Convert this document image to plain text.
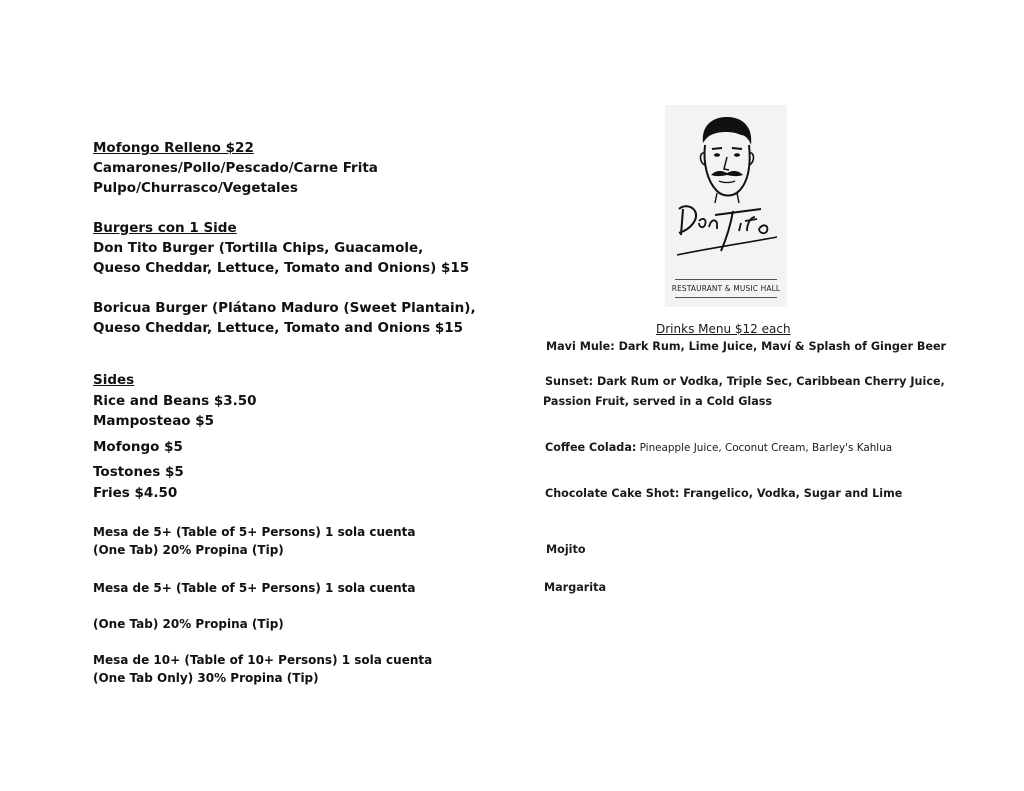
Mofongo Relleno $22

Camarones/Pollo/Pescado/Carne Frita

Pulpo/Churrasco/Vegetales

Burgers con 1 Side

Don Tito Burger (Tortilla Chips, Guacamole,

Queso Cheddar, Lettuce, Tomato and Onions) $15

Boricua Burger (Plátano Maduro (Sweet Plantain),

Queso Cheddar, Lettuce, Tomato and Onions $15

Sides

Rice and Beans $3.50

Mamposteao $5

Mofongo $5

Tostones $5

Fries $4.50

Mesa de 5+ (Table of 5+ Persons) 1 sola cuenta

(One Tab) 20% Propina (Tip)

Mesa de 5+ (Table of 5+ Persons) 1 sola cuenta

(One Tab) 20% Propina (Tip)

Mesa de 10+ (Table of 10+ Persons) 1 sola cuenta

(One Tab Only) 30% Propina (Tip)

RESTAURANT & MUSIC HALL

Drinks Menu $12 each

Mavi Mule: Dark Rum, Lime Juice, Maví & Splash of Ginger Beer

Sunset: Dark Rum or Vodka, Triple Sec, Caribbean Cherry Juice,

Passion Fruit, served in a Cold Glass

Coffee Colada: Pineapple Juice, Coconut Cream, Barley's Kahlua

Chocolate Cake Shot: Frangelico, Vodka, Sugar and Lime

Mojito

Margarita
